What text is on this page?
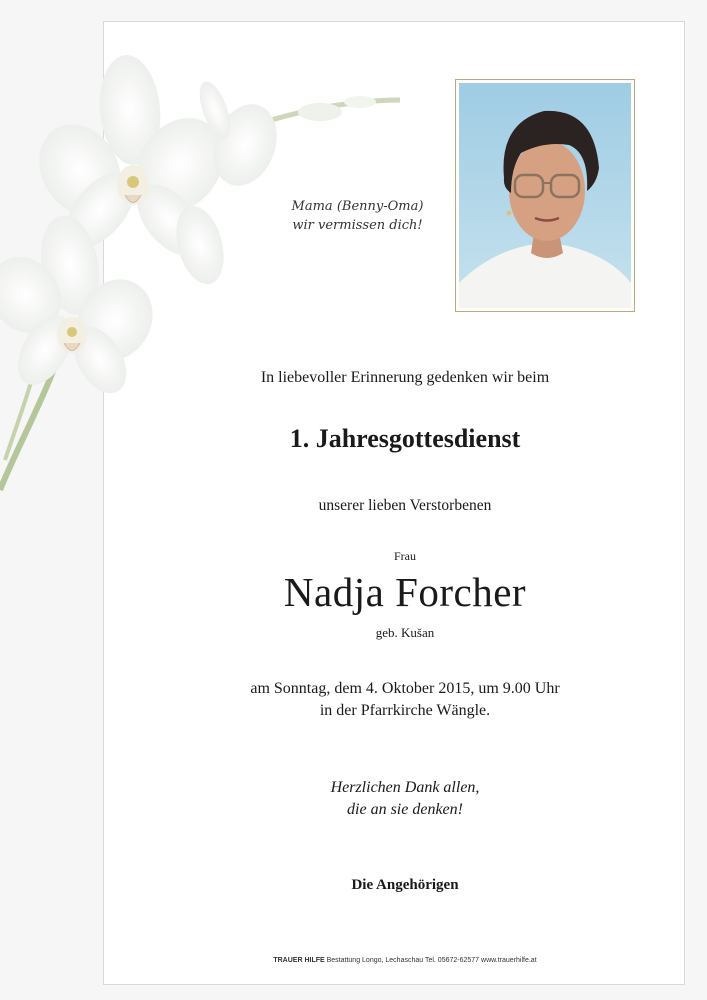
Mama (Benny-Oma)
wir vermissen dich!
In liebevoller Erinnerung gedenken wir beim
1. Jahresgottesdienst
unserer lieben Verstorbenen
Frau
Nadja Forcher
geb. Kušan
am Sonntag, dem 4. Oktober 2015, um 9.00 Uhr
in der Pfarrkirche Wängle.
Herzlichen Dank allen,
die an sie denken!
Die Angehörigen
TRAUER HILFE Bestattung Longo, Lechaschau Tel. 05672-62577 www.trauerhilfe.at
